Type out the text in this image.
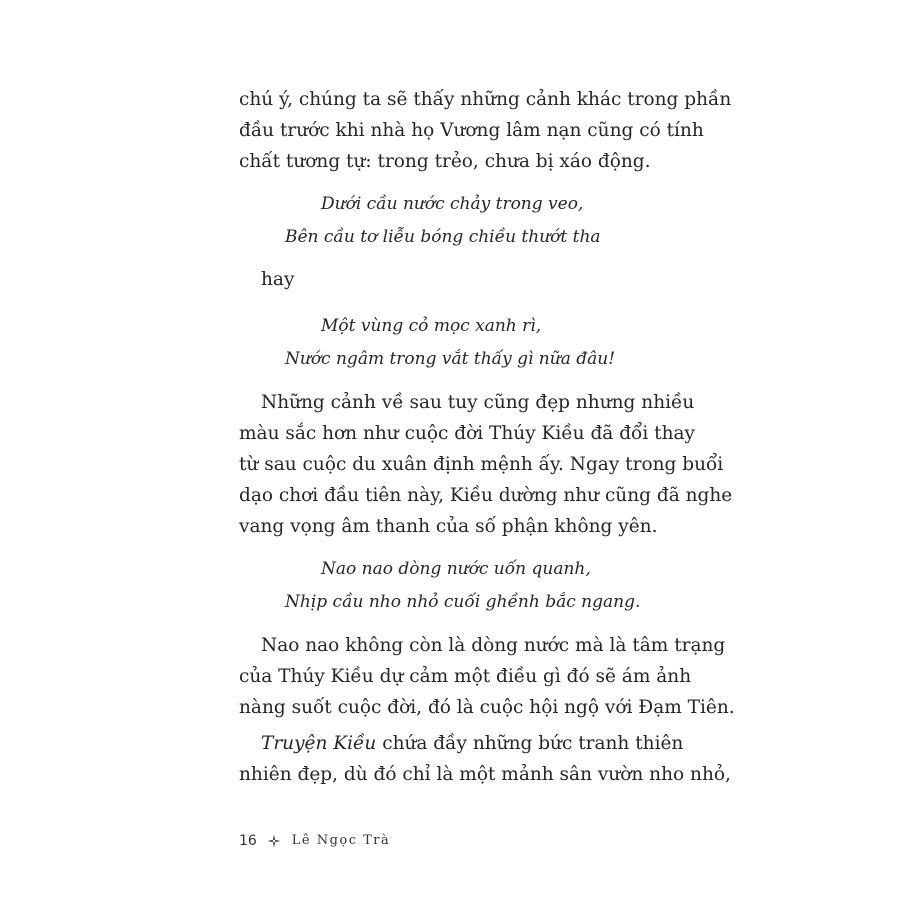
chú ý, chúng ta sẽ thấy những cảnh khác trong phần
đầu trước khi nhà họ Vương lâm nạn cũng có tính
chất tương tự: trong trẻo, chưa bị xáo động.
Dưới cầu nước chảy trong veo,
Bên cầu tơ liễu bóng chiều thướt tha
hay
Một vùng cỏ mọc xanh rì,
Nước ngâm trong vắt thấy gì nữa đâu!
Những cảnh về sau tuy cũng đẹp nhưng nhiều
màu sắc hơn như cuộc đời Thúy Kiều đã đổi thay
từ sau cuộc du xuân định mệnh ấy. Ngay trong buổi
dạo chơi đầu tiên này, Kiều dường như cũng đã nghe
vang vọng âm thanh của số phận không yên.
Nao nao dòng nước uốn quanh,
Nhịp cầu nho nhỏ cuối ghềnh bắc ngang.
Nao nao không còn là dòng nước mà là tâm trạng
của Thúy Kiều dự cảm một điều gì đó sẽ ám ảnh
nàng suốt cuộc đời, đó là cuộc hội ngộ với Đạm Tiên.
Truyện Kiều chứa đầy những bức tranh thiên
nhiên đẹp, dù đó chỉ là một mảnh sân vườn nho nhỏ,
16	Lê Ngọc Trà
